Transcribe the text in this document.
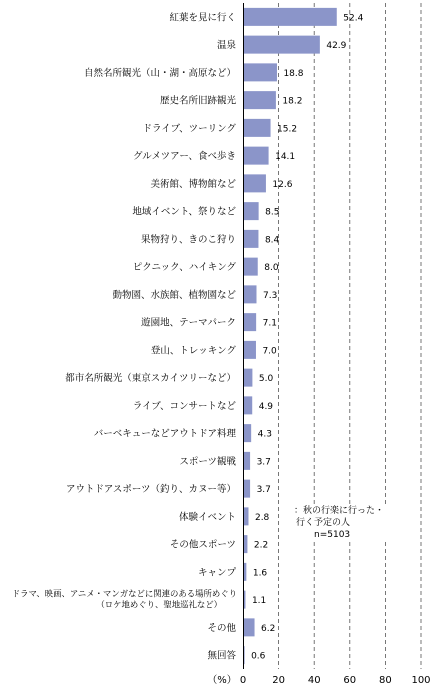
紅葉を見に行く
温泉
自然名所観光（山・湖・高原など）
歴史名所旧跡観光
ドライブ、ツーリング
グルメツアー、食べ歩き
美術館、博物館など
地域イベント、祭りなど
果物狩り、きのこ狩り
ピクニック、ハイキング
動物園、水族館、植物園など
遊園地、テーマパーク
登山、トレッキング
都市名所観光（東京スカイツリーなど）
ライブ、コンサートなど
バーベキューなどアウトドア料理
スポーツ観戦
アウトドアスポーツ（釣り、カヌー等）
体験イベント
その他スポーツ
キャンプ
ドラマ、映画、アニメ・マンガなどに関連のある場所めぐり（ロケ地めぐり、聖地巡礼など）
その他
無回答
52.4
42.9
18.8
18.2
15.2
14.1
12.6
8.5
8.4
8.0
7.3
7.1
7.0
5.0
4.9
4.3
3.7
3.7
2.8
2.2
1.6
1.1
6.2
0.6
0	20 40 60 80 100
（%）
：秋の行楽に行った・
行く予定の人
n=5103
